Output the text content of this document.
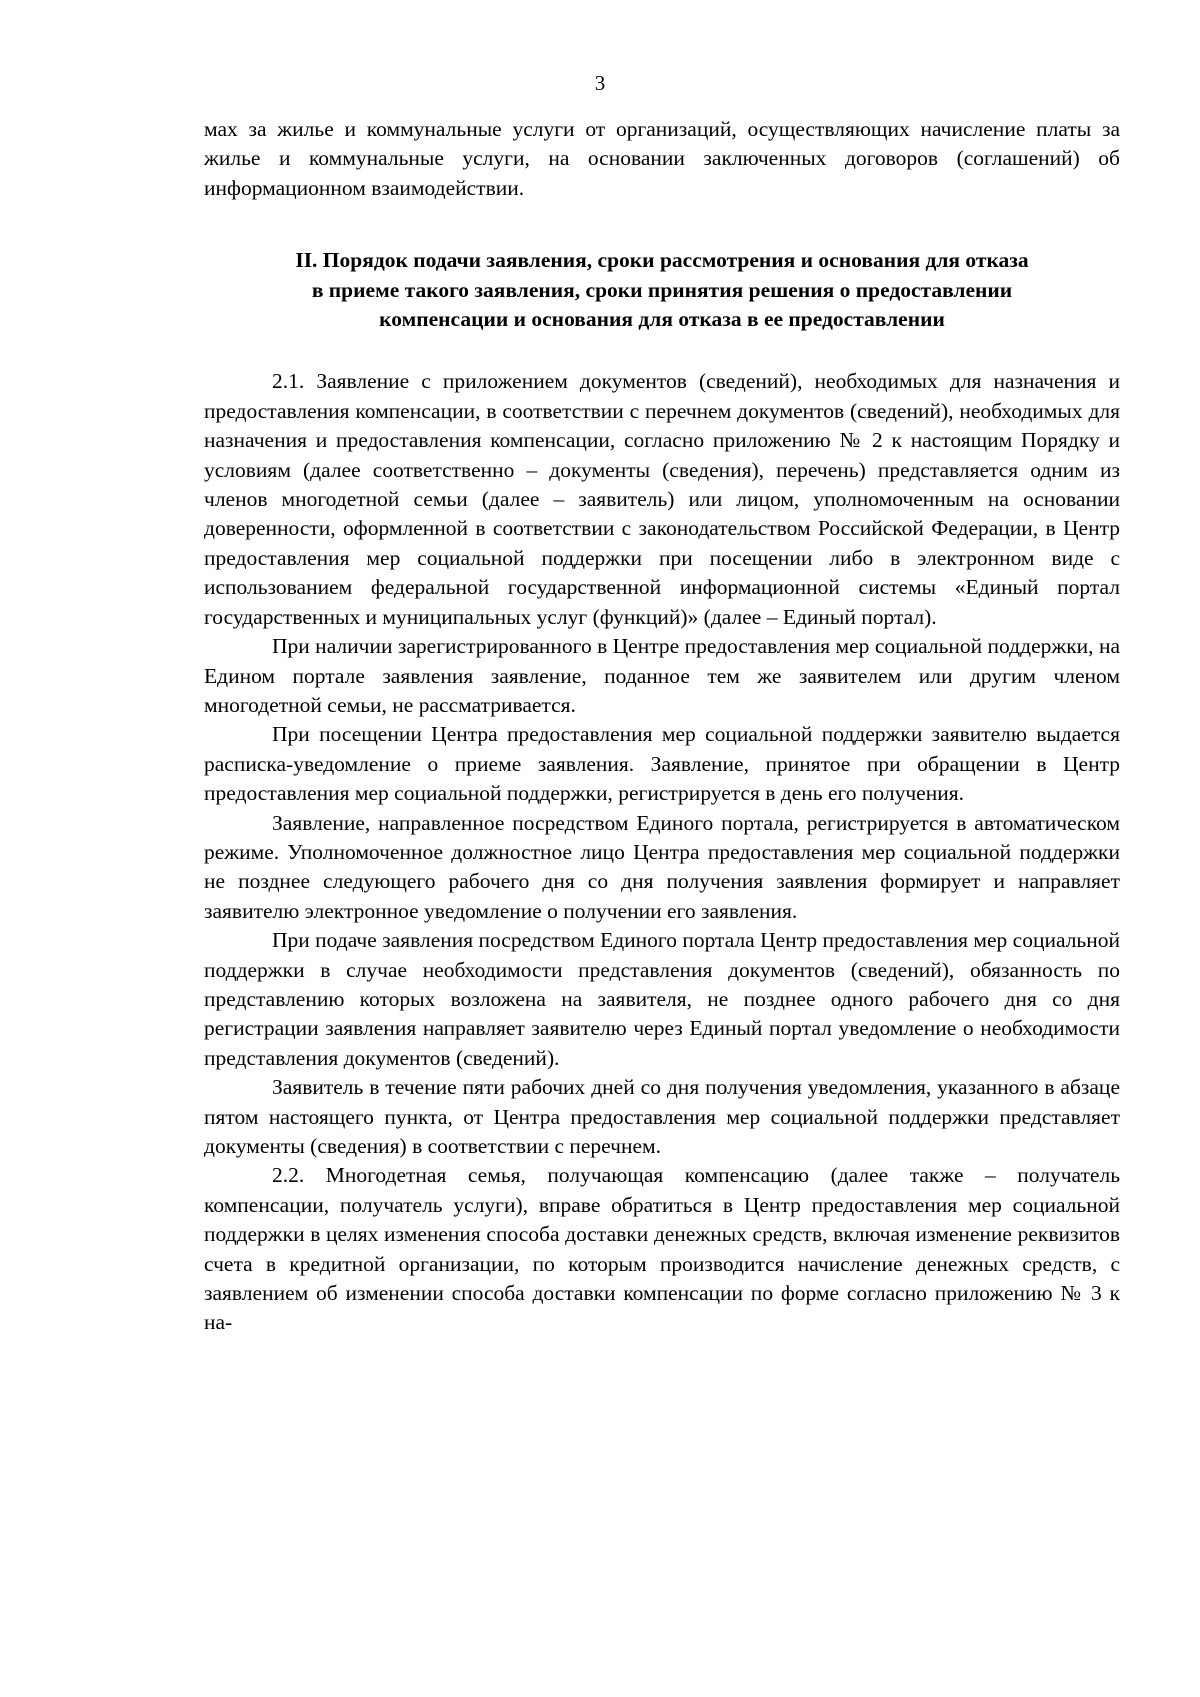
3

мах за жилье и коммунальные услуги от организаций, осуществляющих начисление платы за жилье и коммунальные услуги, на основании заключенных договоров (соглашений) об информационном взаимодействии.

II. Порядок подачи заявления, сроки рассмотрения и основания для отказа
в приеме такого заявления, сроки принятия решения о предоставлении
компенсации и основания для отказа в ее предоставлении

2.1. Заявление с приложением документов (сведений), необходимых для назначения и предоставления компенсации, в соответствии с перечнем документов (сведений), необходимых для назначения и предоставления компенсации, согласно приложению № 2 к настоящим Порядку и условиям (далее соответственно – документы (сведения), перечень) представляется одним из членов многодетной семьи (далее – заявитель) или лицом, уполномоченным на основании доверенности, оформленной в соответствии с законодательством Российской Федерации, в Центр предоставления мер социальной поддержки при посещении либо в электронном виде с использованием федеральной государственной информационной системы «Единый портал государственных и муниципальных услуг (функций)» (далее – Единый портал).

При наличии зарегистрированного в Центре предоставления мер социальной поддержки, на Едином портале заявления заявление, поданное тем же заявителем или другим членом многодетной семьи, не рассматривается.

При посещении Центра предоставления мер социальной поддержки заявителю выдается расписка-уведомление о приеме заявления. Заявление, принятое при обращении в Центр предоставления мер социальной поддержки, регистрируется в день его получения.

Заявление, направленное посредством Единого портала, регистрируется в автоматическом режиме. Уполномоченное должностное лицо Центра предоставления мер социальной поддержки не позднее следующего рабочего дня со дня получения заявления формирует и направляет заявителю электронное уведомление о получении его заявления.

При подаче заявления посредством Единого портала Центр предоставления мер социальной поддержки в случае необходимости представления документов (сведений), обязанность по представлению которых возложена на заявителя, не позднее одного рабочего дня со дня регистрации заявления направляет заявителю через Единый портал уведомление о необходимости представления документов (сведений).

Заявитель в течение пяти рабочих дней со дня получения уведомления, указанного в абзаце пятом настоящего пункта, от Центра предоставления мер социальной поддержки представляет документы (сведения) в соответствии с перечнем.

2.2. Многодетная семья, получающая компенсацию (далее также – получатель компенсации, получатель услуги), вправе обратиться в Центр предоставления мер социальной поддержки в целях изменения способа доставки денежных средств, включая изменение реквизитов счета в кредитной организации, по которым производится начисление денежных средств, с заявлением об изменении способа доставки компенсации по форме согласно приложению № 3 к на-
